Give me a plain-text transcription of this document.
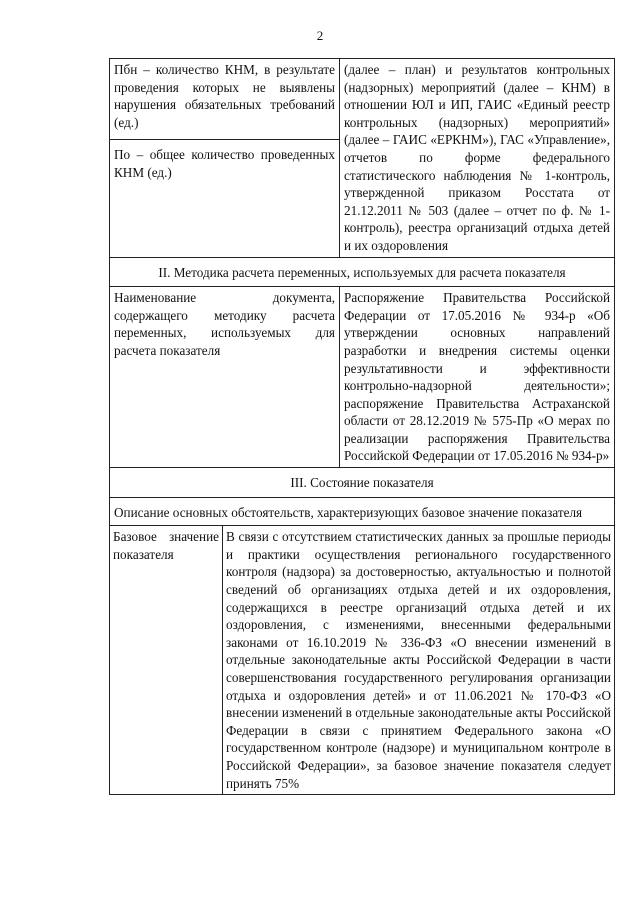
2
Пбн – количество КНМ, в результате проведения которых не выявлены нарушения обязательных требований (ед.)
По – общее количество проведенных КНМ (ед.)	(далее – план) и результатов контрольных (надзорных) мероприятий (далее – КНМ) в отношении ЮЛ и ИП, ГАИС «Единый реестр контрольных (надзорных) мероприятий» (далее – ГАИС «ЕРКНМ»), ГАС «Управление», отчетов по форме федерального статистического наблюдения № 1-контроль, утвержденной приказом Росстата от 21.12.2011 № 503 (далее – отчет по ф. № 1-контроль), реестра организаций отдыха детей и их оздоровления
II. Методика расчета переменных, используемых для расчета показателя	
Наименование документа, содержащего методику расчета переменных, используемых для расчета показателя	Распоряжение Правительства Российской Федерации от 17.05.2016 № 934-р «Об утверждении основных направлений разработки и внедрения системы оценки результативности и эффективности контрольно-надзорной деятельности»; распоряжение Правительства Астраханской области от 28.12.2019 № 575-Пр «О мерах по реализации распоряжения Правительства Российской Федерации от 17.05.2016 № 934-р»
III. Состояние показателя	
Описание основных обстоятельств, характеризующих базовое значение показателя	
Базовое значение показателя	В связи с отсутствием статистических данных за прошлые периоды и практики осуществления регионального государственного контроля (надзора) за достоверностью, актуальностью и полнотой сведений об организациях отдыха детей и их оздоровления, содержащихся в реестре организаций отдыха детей и их оздоровления, с изменениями, внесенными федеральными законами от 16.10.2019 № 336-ФЗ «О внесении изменений в отдельные законодательные акты Российской Федерации в части совершенствования государственного регулирования организации отдыха и оздоровления детей» и от 11.06.2021 № 170-ФЗ «О внесении изменений в отдельные законодательные акты Российской Федерации в связи с принятием Федерального закона «О государственном контроле (надзоре) и муниципальном контроле в Российской Федерации», за базовое значение показателя следует принять 75%
